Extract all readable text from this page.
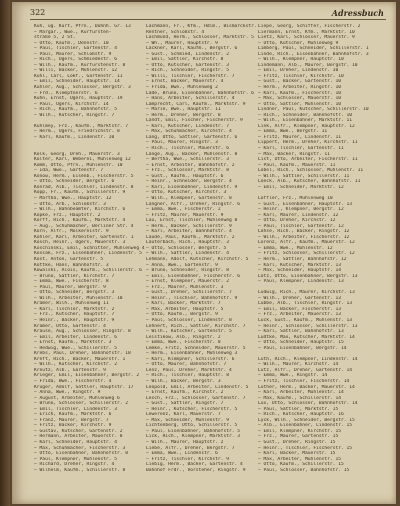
322	Adressbuch
Kuh, ug. Kurt, Pfrn., Dohnh. Gr. 13
— Margar., Wwe., Kurfürsten-
straße 5, 2 St.
— Otto, Kaufm., Dennstr. 10
— Paul, Tischler, Gartenstr. 4
— Paul, Maurer, Schloßstr. 9
— Rich., Ugers, Schmiedestr. 6
— Wilh., Kaufm., Kurfürstenstr. 8
— Willi, Bäcker, Mühlenstr. 12
Kühl, Carl, Lokf., Gartenstr. 11
— Emil, Schneider, Hauptstr. 14
Kühler, Aug., Schlosser, Bergstr. 3
— Frd., Klemptnerstr. 6
Kühn, Ernst, Ugers, Hauptstr. 19
— Paul, Ugers, Kirchstr. 14
— Rich., Kaufm., Bahnhofstr. 5
— Wilh., Kutscher, Ringstr. 7
Kuhlmey, Frz., Kaufm., Marktstr. 7
— Herm., Ugers, Friedrichstr. 8
— Karl, Kaufm., Lindenstr. 10
Kolk, Georg, Dreh., Mauerstr. 3
Kolter, Karl, Weberei, Mühlenweg 12
Komm, Otto, Pfrn., Mühlenstr. 10
— Ida, Wwe., Gartenstr. 7
Konow, Herm., Eisenb., Fischerstr. 5
— Otto, Schneider, Bergstr. 6
Konrad, Alb., Tischler, Lindenstr. 8
Kopp, Fr., Kaufm., Schillerstr. 9
— Martha, Wwe., Hauptstr. 12
— Otto, Arb., Schloßstr. 3
— Wilh., Bahnbeamter, Kirchstr. 6
Köpke, Frz., Hauptstr. 2
Korff, Rich., Kaufm., Marktstr. 4
— Aug., Schuhmacher, Berliner Str. 4
Korn, Alfr., Molkereistr. 9
Köhler, Karl, Arbeiter, Gartenstr. 1
Kosch, Heinr., Ugers, Mauerstr. 3
Koschinski, Emil, Schnitter, Mühlenweg 4
Kossak, Frz., Eisenbahner, Lindenstr. 5
Kost, Anton, Gartenstr. 5
Kottke, Hans, Bahnhofstr. 3
Kowalski, Alois, Kaufm., Schillerstr. 6
— Bruno, Sattler, Kirchstr. 7
— Emma, Wwe., Fischerstr. 8
— Paul, Maurer, Bergstr. 9
— Otto, Schneider, Bergstr. 3
— Wilh., Arbeiter, Mühlenstr. 10
Kramer, Wilh., Mühlenweg 11
— Karl, Tischler, Marktstr. 2
— Frz., Kutscher, Hauptstr. 7
— Heinr., Bäcker, Hauptstr. 9
Krämer, Otto, Gartenstr. 4
Krause, Aug., Schlosser, Ringstr. 8
— Emil, Arbeiter, Lindenstr. 6
— Ernst, Kaufm., Marktstr. 3
— Hedwig, Wwe., Schillerstr. 5
Krebs, Paul, Dreher, Bahnhofstr. 10
Kreft, Rich., Bäcker, Mauerstr. 1
— Wilh., Kutscher, Kirchstr. 2
Kreutz, Alb., Gartenstr. 9
Krieger, Emil, Eisenbahner, Bergstr. 2
— Frida, Wwe., Fischerstr. 4
Krüger, Adolf, Sattler, Hauptstr. 17
— Anna, Wwe., Ringstr. 9
— August, Arbeiter, Mühlenweg 6
— Bruno, Schlosser, Schillerstr. 2
— Emil, Tischler, Lindenstr. 3
— Erich, Kaufm., Marktstr. 6
— Franz, Maurer, Bergstr. 7
— Fritz, Bäcker, Kirchstr. 9
— Gustav, Kutscher, Gartenstr. 2
— Hermann, Arbeiter, Mauerstr. 8
— Karl, Schneider, Hauptstr. 4
— Max, Schuhmacher, Fischerstr. 3
— Otto, Eisenbahner, Bahnhofstr. 8
— Paul, Klempner, Mühlenstr. 5
— Richard, Dreher, Ringstr. 4
— Wilhelm, Kaufm., Schillerstr. 8
Lachmann, Fr., Kfm., Hdlm., Bismarckstr.
Rentner, Schloßstr. 4
Lachmund, Herm., Schlosser, Marktstr. 5
— Wh., Maurer, Hauptstr. 9
Lackner, Karl, Kaufm., Bergstr. 6
— Gust., Schmied, Lindenstr. 2
— Emil, Sattler, Kirchstr. 8
— Otto, Kutscher, Gartenstr. 3
— Rich., Schneider, Ringstr. 5
— Willi, Tischler, Fischerstr. 7
— Ernst, Bäcker, Mauerstr. 4
— Frida, Wwe., Mühlenweg 2
Lade, Bruno, Eisenbahner, Bahnhofstr. 6
— Hans, Arbeiter, Schillerstr. 4
Lamprecht, Carl, Kaufm., Marktstr. 9
— Marie, Wwe., Hauptstr. 11
— Herm., Dreher, Bergstr. 8
Landt, Emil, Fischer, Fischerstr. 9
— Karl, Kutscher, Lindenstr. 7
— Max, Schuhmacher, Kirchstr. 4
Lang, Otto, Sattler, Gartenstr. 6
— Paul, Maurer, Ringstr. 3
— Rich., Tischler, Mauerstr. 6
Lange, Aug., Bäcker, Mühlenstr. 8
— Bertha, Wwe., Schillerstr. 3
— Ernst, Arbeiter, Bahnhofstr. 2
— Frz., Schlosser, Marktstr. 8
— Gust., Kaufm., Hauptstr. 6
— Heinr., Schneider, Bergstr. 4
— Karl, Eisenbahner, Lindenstr. 9
— Otto, Kutscher, Kirchstr. 3
— Wilh., Klempner, Gartenstr. 8
Langner, Alfr., Dreher, Ringstr. 6
— Emma, Wwe., Fischerstr. 2
— Fritz, Maurer, Mauerstr. 9
Lau, Ernst, Tischler, Mühlenweg 8
— Herm., Bäcker, Schillerstr. 9
— Karl, Arbeiter, Bahnhofstr. 4
Laude, Paul, Kaufm., Marktstr. 2
Lauterbach, Rich., Hauptstr. 3
— Otto, Schlosser, Bergstr. 5
— Wilh., Sattler, Lindenstr. 4
Lehmann, Adolf, Kutscher, Kirchstr. 5
— Anna, Wwe., Gartenstr. 9
— Bruno, Schneider, Ringstr. 8
— Emil, Eisenbahner, Fischerstr. 6
— Ernst, Klempner, Mauerstr. 2
— Frz., Maurer, Mühlenstr. 3
— Gust., Dreher, Schillerstr. 7
— Heinr., Tischler, Bahnhofstr. 9
— Karl, Bäcker, Marktstr. 7
— Max, Arbeiter, Hauptstr. 5
— Otto, Kaufm., Bergstr. 9
— Paul, Schlosser, Lindenstr. 8
Lehnert, Rich., Sattler, Kirchstr. 7
— Wilh., Kutscher, Gartenstr. 5
Leistikow, Alb., Ringstr. 2
— Emma, Wwe., Fischerstr. 8
Lemke, Fritz, Schneider, Mauerstr. 5
— Herm., Eisenbahner, Mühlenweg 3
— Karl, Klempner, Schillerstr. 6
— Otto, Maurer, Bahnhofstr. 7
Lenz, Paul, Dreher, Marktstr. 4
— Rich., Tischler, Hauptstr. 8
— Wilh., Bäcker, Bergstr. 3
Leopold, Emil, Arbeiter, Lindenstr. 5
— Ernst, Kaufm., Kirchstr. 2
Lesch, Frz., Schlosser, Gartenstr. 7
— Gust., Sattler, Ringstr. 7
— Heinr., Kutscher, Fischerstr. 5
Lewerenz, Karl, Mauerstr. 7
— Max, Schneider, Mühlenstr. 9
Lichtenberg, Otto, Schillerstr. 5
— Paul, Eisenbahner, Bahnhofstr. 5
Lick, Rich., Klempner, Marktstr. 3
— Wilh., Maurer, Hauptstr. 2
Liebe, Alfr., Dreher, Bergstr. 7
— Emma, Wwe., Lindenstr. 6
— Fritz, Tischler, Kirchstr. 9
Liebig, Herm., Bäcker, Gartenstr. 4
Bahnhof Frdr., Vorsteher, Ringstr. 9
Liepe, Georg, Schiffer, Fischerstr. 2
Liermann, Ernst, Kfm., Marktstr. 10
Lietz, Karl, Schlosser, Mauerstr. 9
— Otto, Kutscher, Mühlenweg 9
Limberg, Paul, Schneider, Schillerstr. 1
Linde, Rich., Eisenbahner, Bahnhofstr. 3
— Wilh., Klempner, Hauptstr. 10
Lindemann, Alb., Maurer, Bergstr. 10
— Emil, Dreher, Lindenstr. 10
— Fritz, Tischler, Kirchstr. 10
— Gust., Bäcker, Gartenstr. 10
— Herm., Arbeiter, Ringstr. 10
— Karl, Kaufm., Fischerstr. 10
— Max, Schlosser, Mauerstr. 10
— Otto, Sattler, Mühlenstr. 10
Lindner, Paul, Kutscher, Schillerstr. 10
— Rich., Schneider, Bahnhofstr. 10
— Wilh., Eisenbahner, Marktstr. 11
Link, Alfr., Klempner, Hauptstr. 12
— Emma, Wwe., Bergstr. 11
— Fritz, Maurer, Lindenstr. 11
Lippert, Herm., Dreher, Kirchstr. 11
— Karl, Tischler, Gartenstr. 11
— Max, Bäcker, Ringstr. 11
List, Otto, Arbeiter, Fischerstr. 11
— Paul, Kaufm., Mauerstr. 11
Löbel, Rich., Schlosser, Mühlenstr. 11
— Wilh., Sattler, Schillerstr. 11
Loeck, Alb., Kutscher, Bahnhofstr. 11
— Emil, Schneider, Marktstr. 12
Löffler, Frz., Mühlenweg 10
— Gust., Eisenbahner, Hauptstr. 13
— Heinr., Klempner, Bergstr. 12
— Karl, Maurer, Lindenstr. 12
— Otto, Dreher, Kirchstr. 12
— Paul, Tischler, Gartenstr. 12
Lohse, Rich., Bäcker, Ringstr. 12
— Wilh., Arbeiter, Fischerstr. 12
Lorenz, Alfr., Kaufm., Mauerstr. 12
— Emma, Wwe., Mühlenstr. 12
— Fritz, Schlosser, Schillerstr. 12
— Herm., Sattler, Bahnhofstr. 12
— Karl, Kutscher, Marktstr. 13
— Max, Schneider, Hauptstr. 14
Lotz, Otto, Eisenbahner, Bergstr. 13
— Paul, Klempner, Lindenstr. 13
Ludwig, Rich., Maurer, Kirchstr. 13
— Wilh., Dreher, Gartenstr. 13
Lübbe, Alb., Tischler, Ringstr. 13
— Emil, Bäcker, Fischerstr. 13
— Frz., Arbeiter, Mauerstr. 13
Lück, Gust., Kaufm., Mühlenstr. 13
— Heinr., Schlosser, Schillerstr. 13
— Karl, Sattler, Bahnhofstr. 13
Lüdtke, Max, Kutscher, Marktstr. 14
— Otto, Schneider, Hauptstr. 15
— Paul, Eisenbahner, Bergstr. 14
Lüth, Rich., Klempner, Lindenstr. 14
— Wilh., Maurer, Kirchstr. 14
Lutz, Alfr., Dreher, Gartenstr. 14
— Emma, Wwe., Ringstr. 14
— Fritz, Tischler, Fischerstr. 14
Luther, Herm., Bäcker, Mauerstr. 14
— Karl, Arbeiter, Mühlenstr. 14
— Max, Kaufm., Schillerstr. 14
Lux, Otto, Schlosser, Bahnhofstr. 14
— Paul, Sattler, Marktstr. 15
— Rich., Kutscher, Hauptstr. 16
Lyck, Wilh., Schneider, Bergstr. 15
— Alb., Eisenbahner, Lindenstr. 15
— Emil, Klempner, Kirchstr. 15
— Frz., Maurer, Gartenstr. 15
— Gust., Dreher, Ringstr. 15
— Heinr., Tischler, Fischerstr. 15
— Karl, Bäcker, Mauerstr. 15
— Max, Arbeiter, Mühlenstr. 15
— Otto, Kaufm., Schillerstr. 15
— Paul, Schlosser, Bahnhofstr. 15
